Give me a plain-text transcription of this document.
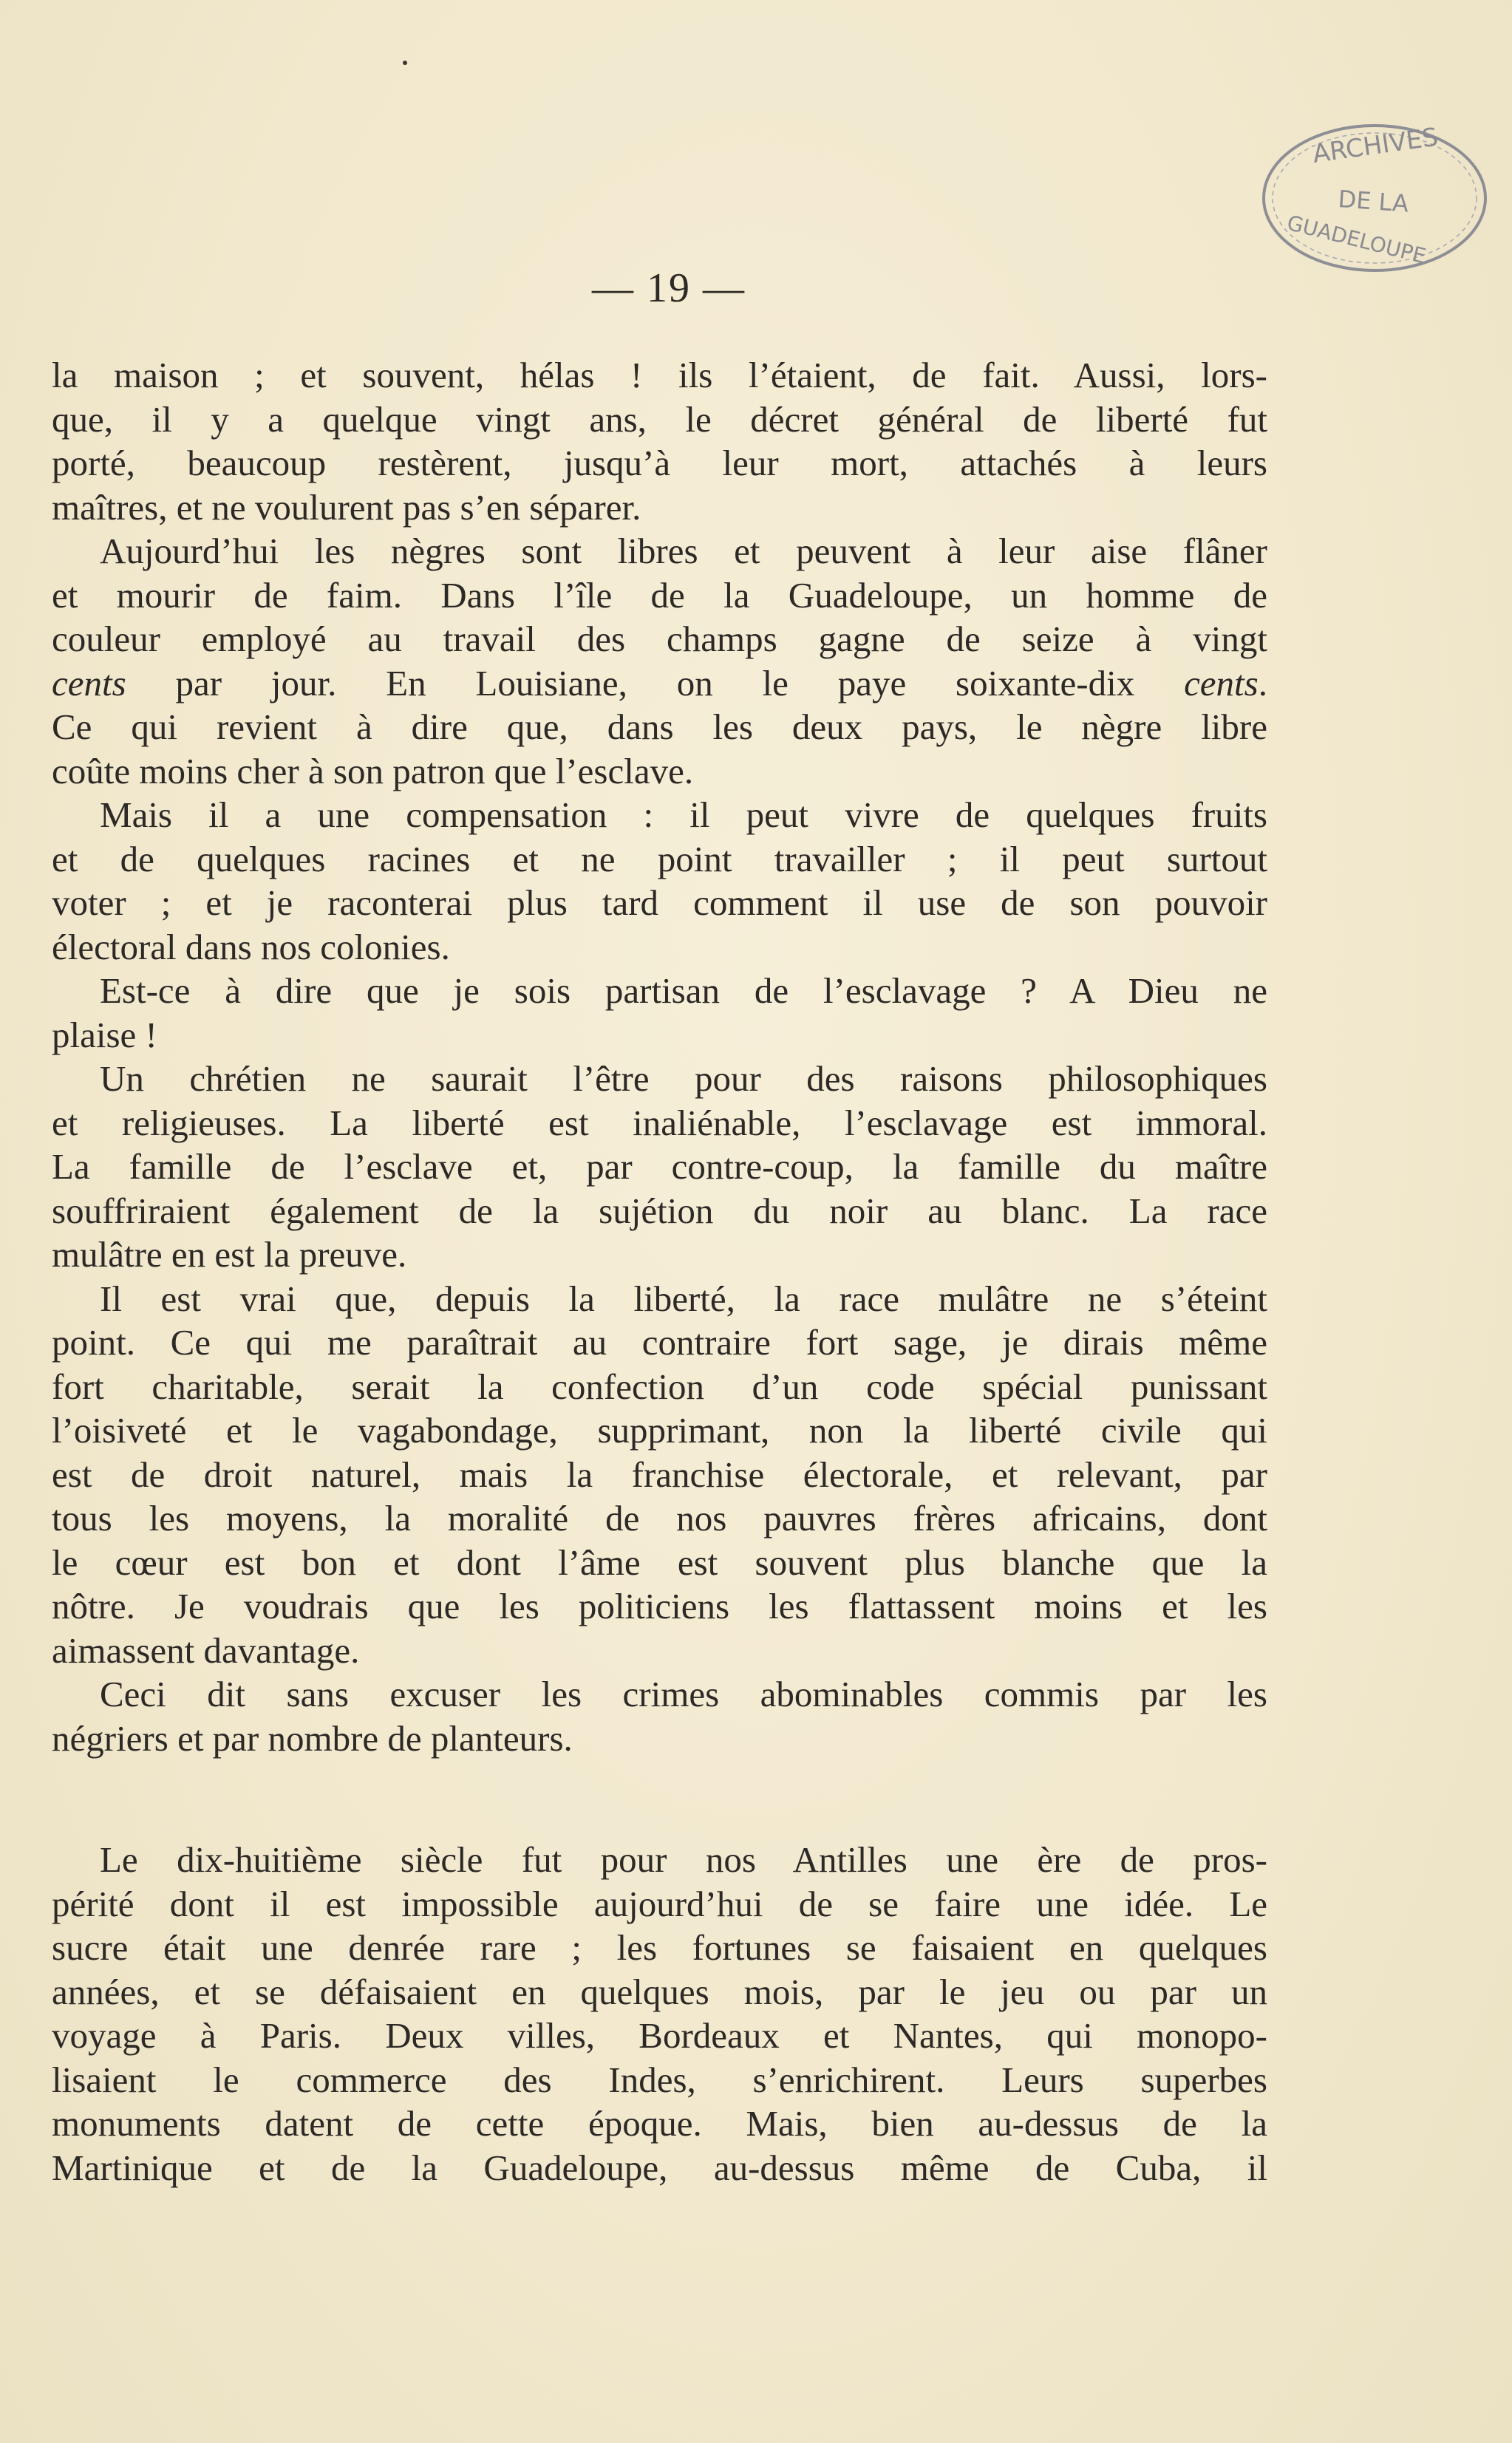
— 19 —
ARCHIVES
DE LA
GUADELOUPE
la maison ; et souvent, hélas ! ils l’étaient, de fait. Aussi, lors-
que, il y a quelque vingt ans, le décret général de liberté fut
porté, beaucoup restèrent, jusqu’à leur mort, attachés à leurs
maîtres, et ne voulurent pas s’en séparer.
Aujourd’hui les nègres sont libres et peuvent à leur aise flâner
et mourir de faim. Dans l’île de la Guadeloupe, un homme de
couleur employé au travail des champs gagne de seize à vingt
cents par jour. En Louisiane, on le paye soixante-dix cents.
Ce qui revient à dire que, dans les deux pays, le nègre libre
coûte moins cher à son patron que l’esclave.
Mais il a une compensation : il peut vivre de quelques fruits
et de quelques racines et ne point travailler ; il peut surtout
voter ; et je raconterai plus tard comment il use de son pouvoir
électoral dans nos colonies.
Est-ce à dire que je sois partisan de l’esclavage ? A Dieu ne
plaise !
Un chrétien ne saurait l’être pour des raisons philosophiques
et religieuses. La liberté est inaliénable, l’esclavage est immoral.
La famille de l’esclave et, par contre-coup, la famille du maître
souffriraient également de la sujétion du noir au blanc. La race
mulâtre en est la preuve.
Il est vrai que, depuis la liberté, la race mulâtre ne s’éteint
point. Ce qui me paraîtrait au contraire fort sage, je dirais même
fort charitable, serait la confection d’un code spécial punissant
l’oisiveté et le vagabondage, supprimant, non la liberté civile qui
est de droit naturel, mais la franchise électorale, et relevant, par
tous les moyens, la moralité de nos pauvres frères africains, dont
le cœur est bon et dont l’âme est souvent plus blanche que la
nôtre. Je voudrais que les politiciens les flattassent moins et les
aimassent davantage.
Ceci dit sans excuser les crimes abominables commis par les
négriers et par nombre de planteurs.
Le dix-huitième siècle fut pour nos Antilles une ère de pros-
périté dont il est impossible aujourd’hui de se faire une idée. Le
sucre était une denrée rare ; les fortunes se faisaient en quelques
années, et se défaisaient en quelques mois, par le jeu ou par un
voyage à Paris. Deux villes, Bordeaux et Nantes, qui monopo-
lisaient le commerce des Indes, s’enrichirent. Leurs superbes
monuments datent de cette époque. Mais, bien au-dessus de la
Martinique et de la Guadeloupe, au-dessus même de Cuba, il
